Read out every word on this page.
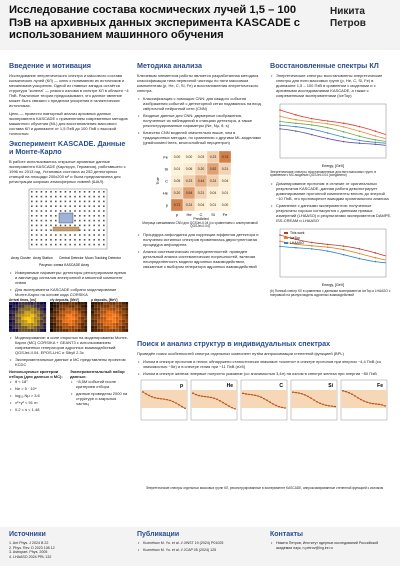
Исследование состава космических лучей 1,5 – 100 ПэВ на архивных данных эксперимента KASCADE с использованием машинного обучения
Никита Петров
Введение и мотивация
Исследование энергетического спектра и массового состава космических лучей (КЛ) — ключ к пониманию их источников и механизмов ускорения. Одной из главных загадок остаётся структура "колена" — резкого излома в спектре КЛ в области ~4 ПэВ. Различные теории предсказывают, что данное явление может быть связано с пределом ускорения в галактических источниках.
Цель — провести повторный анализ архивных данных эксперимента KASCADE с применением современных методов машинного обучения (ML) для восстановления массового состава КЛ и диапазоне от 1,5 ПэВ до 100 ПэВ с высокой точностью.
Эксперимент KASCADE. Данные и Монте-Карло
В работе использовались открытые архивные данные эксперимента KASCADE (Карлсруэ, Германия), работавшего с 1996 по 2013 год. Установка состояла из 252 детекторных станций на площади 200x200 м² и была предназначена для регистрации широких атмосферных ливней (ШАЛ).
Array Cluster Array Station Central Detector Muon Tracking Detector
Рисунок: схема KASCADE Array
• Измеряемые параметры: детекторы регистрировали время и амплитуду сигналов электронной и мюонной компонент ливня
• Для эксперимента KASCADE собрано моделирование Монте-Карло на основе кода CORSIKA
Arrival times, [ns]	e/γ deposits, [MeV]	μ deposits, [MeV]
• Моделирование: в силе открытых на моделировании Монте-Карло (MC) CORSIKA + GEANT3 с использованием современных генераторов адронных взаимодействий: QGSJet-II.04, EPOS-LHC и Sibyll 2.3c
• Экспериментальные данные и MC представлены проектом KCDC
Используемые критерии отбора (для данных и MC):
• θ < 18°
• Ne > 5 · 10⁴
• log₁₀ Nμ > 3.6
• x²+y² < 91 m
• 0.2 < s < 1.48
Экспериментальный набор данных:
• ~8,5М событий после критериев отбора
• данные проведены 2000 на структуре и закрытыя частиц
Методика анализа
Ключевым элементом работы является разработанная методика классификации типа первичной частицы по пяти массовым компонентам (p, He, C, Si, Fe) и восстановления энергетического спектра.
• Классификация с помощью CNN: для каждого события изображения событий с детекторной сетки подавались на вход свёрточной нейронной сети (CNN)
• Входные данные для CNN: двумерные изображения, полученные из наблюдений в станциях детектора, а также реконструированные параметры (Ne, Nμ, θ, s)
• Качество CNN моделей значительно выше, чем в традиционных методах, по сравнению с другими ML-моделями (gradboosted trees, многослойный перцептрон)
0.00 0.00 0.03 0.23 0.74
0.01 0.06 0.20 0.52 0.21
0.05 0.23 0.44 0.24 0.04
0.20 0.54 0.21 0.04 0.01
0.71 0.24 0.04 0.01 0.00
p He C Si Fe
Fe
Si
C
He
p
Predicted
True
Матрица смешивания CNN для QGSJet-II.04 (со сравнением с альтернативой QGSJet-II.04)
• Процедура анфолдинга для коррекции эффектов детектора и получения истинных спектров применялась двухступенчатая процедура анфолдинга
• Анализ систематических неопределенностей: проведен детальный анализ систематических погрешностей, включая неопределённость модели адронных взаимодействия, связанные с выбором генератора адронных взаимодействий
Восстановленные спектры КЛ
• Энергетические спектры: восстановлены энергетические спектры для пяти массовых групп (p, He, C, Si, Fe) в диапазоне 1,5 – 100 ПэВ в сравнении с моделями и с архивными исследованиями KASCADE, а также с современными экспериментами (IceTop)
Energy, [GeV]
Энергетические спектры, восстановленные для пяти массовых групп, в сравнении с MC-моделью QGSJet-II.04 (соединено)
• Доминирование протонов: в отличие от оригинальных результатов KASCADE, данная работа демонстрирует доминирование протонной компоненты вплоть до энергий ~10 ПэВ, что противоречит выводам оригинального анализа
• Сравнение с данными экспериментов: полученные результаты хорошо согласуются с данными прямых измерений (LHAASO) и результатами экспериментов DAMPE, ISS-CREAM и LHAASO
Energy, [GeV]
This work
IceTop
LHAASO
(b) Полный спектр КЛ в сравнении с данными экспериментов IceTop и LHAASO с поправкой на разную модель адронных взаимодействий
Поиск и анализ структур в индивидуальных спектрах
Проведён поиск особенностей спектра отдельных компонент путём аппроксимации степенной функцией (BPL)
• Излом в спектре протонов и гелия: обнаружено статистически значимое «колено» в спектре протонов при энергии ~4,4 ПэВ (со значимостью ~5σ) и в спектре гелия при ~11 ПэВ (σ≥5)
• Излом в спектре железа: впервые получено указание (со значимостью 3,4σ) на излом в спектре железа при энергии ~80 ПэВ
p	He	C	Si	Fe
Энергетические спектры отдельных массовых групп КЛ, реконструированные в эксперименте KASCADE, аппроксимированные степенной функцией с изломом
Источники
1. Ant Phys. J 2024 B 22
2. Phys. Rev. D 2023 108 12
3. Astropart. Phys. 2005
4. LHAASO 2024 PRL 132
Публикации
• Kuznetsov M. Yu. et al. // JINST 19 (2024) P01025
• Kuznetsov M. Yu. et al. // JCAP 05 (2024) 125
Контакты
• Никита Петров, Институт ядерных исследований Российской академии наук, n.petrov@lxg.inr.ru
